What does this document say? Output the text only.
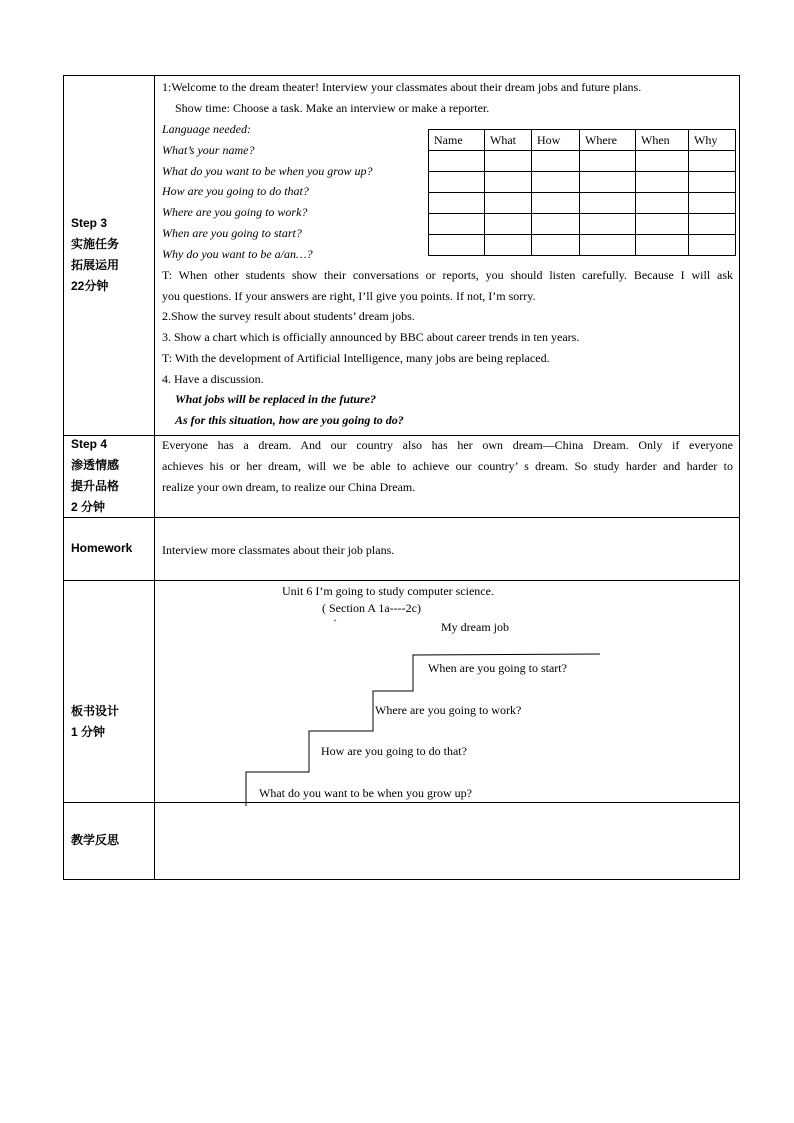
Step 3
实施任务
拓展运用
22分钟
1:Welcome to the dream theater! Interview your classmates about their dream jobs and future plans.
Show time: Choose a task. Make an interview or make a reporter.
Language needed:
What’s your name?
What do you want to be when you grow up?
How are you going to do that?
Where are you going to work?
When are you going to start?
Why do you want to be a/an…?
Name	What	How	Where	When	Why

T: When other students show their conversations or reports, you should listen carefully. Because I will ask
you questions. If your answers are right, I’ll give you points. If not, I’m sorry.
2.Show the survey result about students’ dream jobs.
3. Show a chart which is officially announced by BBC about career trends in ten years.
T: With the development of Artificial Intelligence, many jobs are being replaced.
4. Have a discussion.
What jobs will be replaced in the future?
As for this situation, how are you going to do?
Step 4
渗透情感
提升品格
2 分钟
Everyone has a dream. And our country also has her own dream—China Dream. Only if everyone
achieves his or her dream, will we be able to achieve our country’ s dream. So study harder and harder to
realize your own dream, to realize our China Dream.
Homework Interview more classmates about their job plans.
板书设计
1 分钟
Unit 6 I’m going to study computer science.
( Section A 1a----2c)
ˊ	My dream job
When are you going to start?
Where are you going to work?
How are you going to do that?
What do you want to be when you grow up?
教学反思
